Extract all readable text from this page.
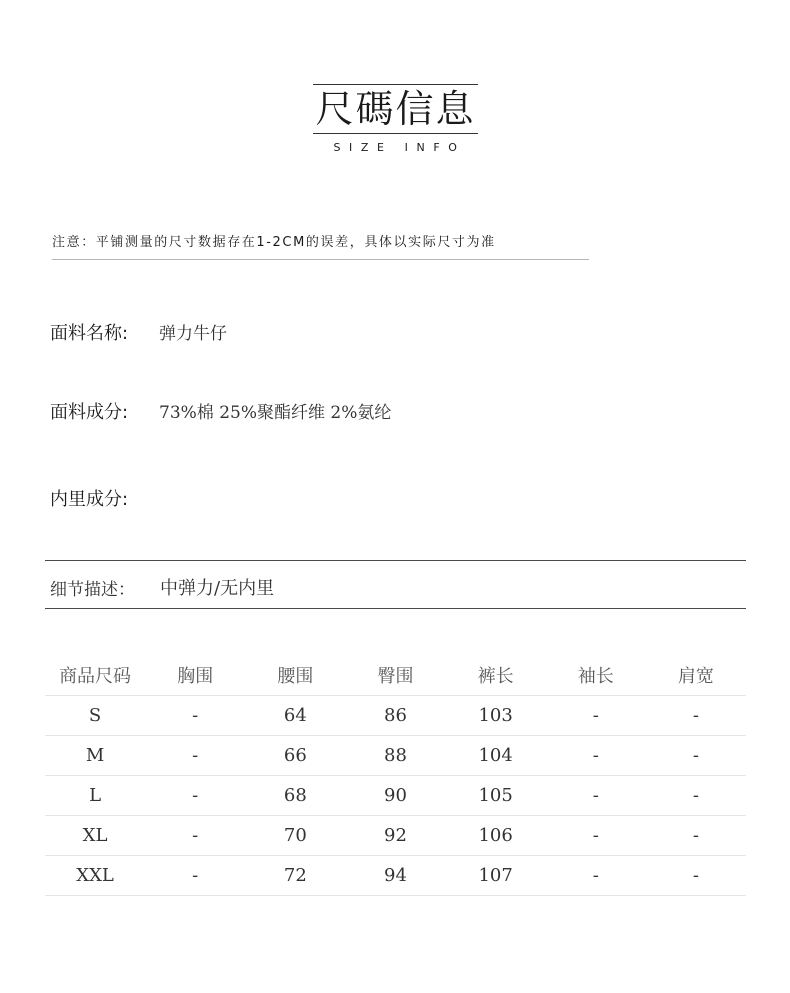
尺碼信息
SIZE INFO
注意：平铺测量的尺寸数据存在1-2CM的误差，具体以实际尺寸为准
面料名称: 弹力牛仔
面料成分: 73%棉 25%聚酯纤维 2%氨纶
内里成分:
细节描述： 中弹力/无内里
商品尺码	胸围	腰围	臀围	裤长	袖长	肩宽
S	-	64	86	103	-	-
M	-	66	88	104	-	-
L	-	68	90	105	-	-
XL	-	70	92	106	-	-
XXL	-	72	94	107	-	-
